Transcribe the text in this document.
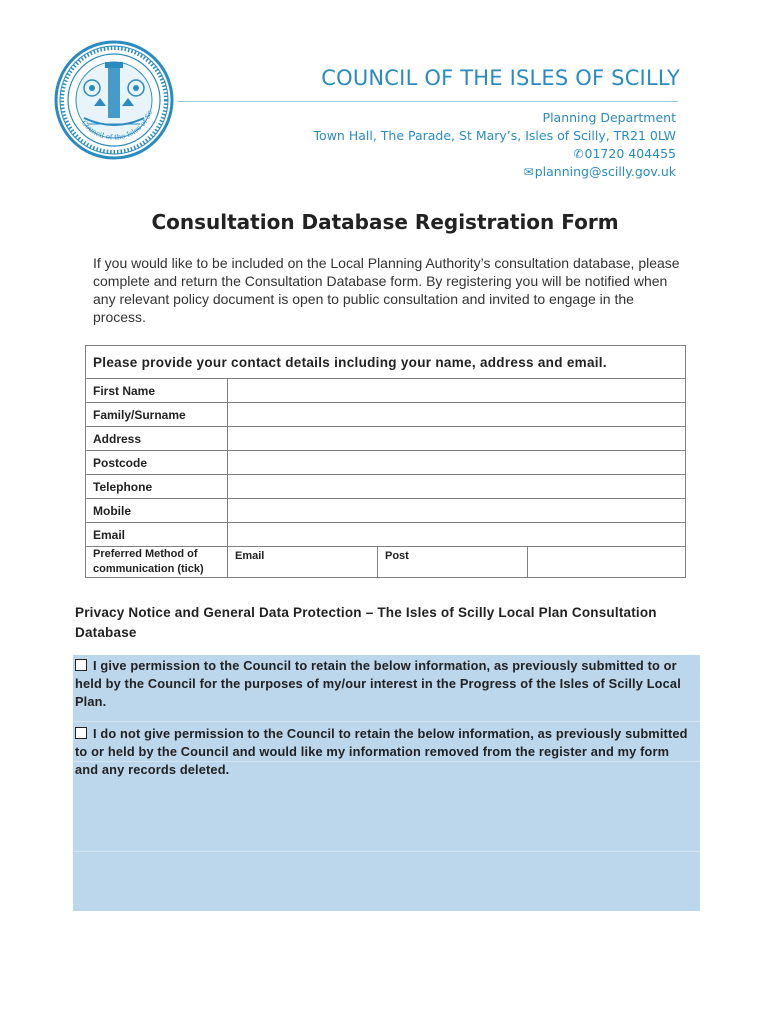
Council of the Isles of Sc
COUNCIL OF THE ISLES OF SCILLY
Planning Department
Town Hall, The Parade, St Mary’s, Isles of Scilly, TR21 0LW
✆01720 404455
✉planning@scilly.gov.uk
Consultation Database Registration Form

If you would like to be included on the Local Planning Authority’s consultation database, please complete and return the Consultation Database form. By registering you will be notified when any relevant policy document is open to public consultation and invited to engage in the process.

Please provide your contact details including your name, address and email.			
First Name			
Family/Surname			
Address			
Postcode			
Telephone			
Mobile			
Email			
Preferred Method of communication (tick)	Email	Post	
Privacy Notice and General Data Protection – The Isles of Scilly Local Plan Consultation Database
I give permission to the Council to retain the below information, as previously submitted to or held by the Council for the purposes of my/our interest in the Progress of the Isles of Scilly Local Plan.
I do not give permission to the Council to retain the below information, as previously submitted to or held by the Council and would like my information removed from the register and my form and any records deleted.
